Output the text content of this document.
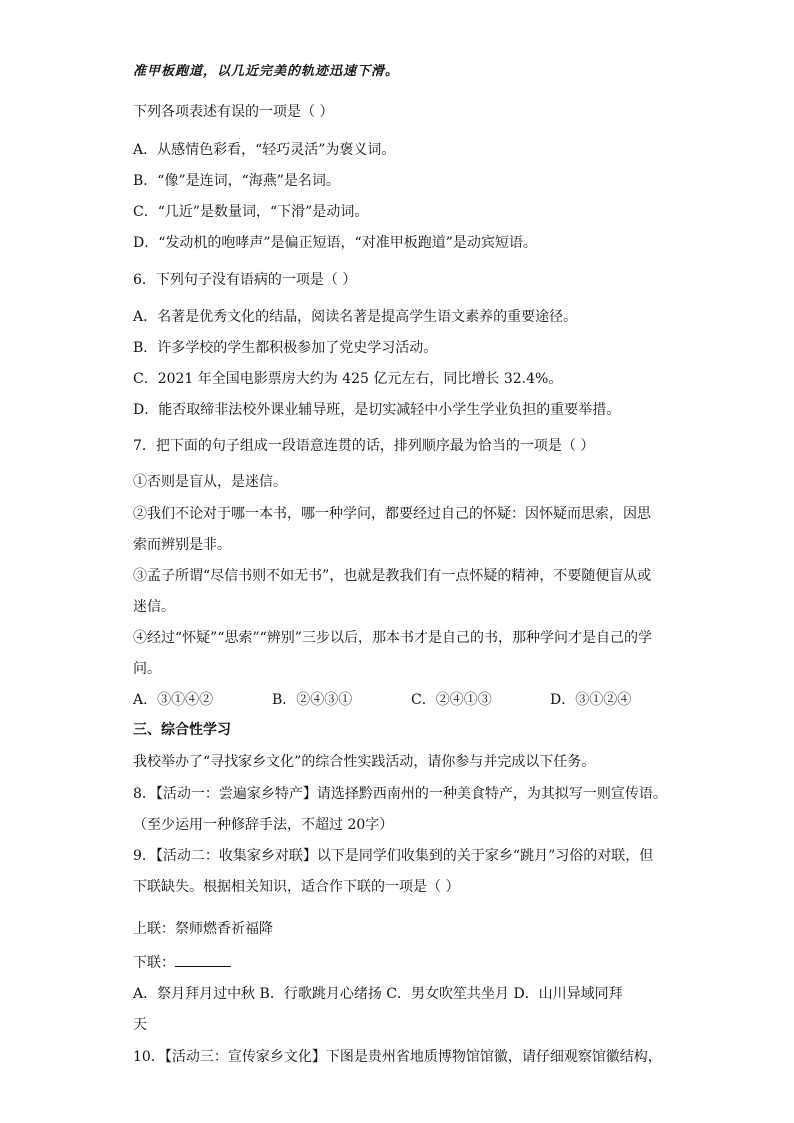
准甲板跑道，以几近完美的轨迹迅速下滑。

下列各项表述有误的一项是（ ）

A．从感情色彩看，“轻巧灵活”为褒义词。

B．“像”是连词，“海燕”是名词。

C．“几近”是数量词，“下滑”是动词。

D．“发动机的咆哮声”是偏正短语，“对准甲板跑道”是动宾短语。

6．下列句子没有语病的一项是（ ）

A．名著是优秀文化的结晶，阅读名著是提高学生语文素养的重要途径。

B．许多学校的学生都积极参加了党史学习活动。

C．2021 年全国电影票房大约为 425 亿元左右，同比增长 32.4%。

D．能否取缔非法校外课业辅导班，是切实减轻中小学生学业负担的重要举措。

7．把下面的句子组成一段语意连贯的话，排列顺序最为恰当的一项是（ ）

①否则是盲从，是迷信。

②我们不论对于哪一本书，哪一种学问，都要经过自己的怀疑：因怀疑而思索，因思

索而辨别是非。

③孟子所谓“尽信书则不如无书”，也就是教我们有一点怀疑的精神，不要随便盲从或

迷信。

④经过“怀疑”“思索”“辨别”三步以后，那本书才是自己的书，那种学问才是自己的学

问。

A．③①④②	B．②④③①	C．②④①③	D．③①②④

三、综合性学习

我校举办了“寻找家乡文化”的综合性实践活动，请你参与并完成以下任务。

8．【活动一：尝遍家乡特产】请选择黔西南州的一种美食特产，为其拟写一则宣传语。

（至少运用一种修辞手法，不超过 20字）

9．【活动二：收集家乡对联】以下是同学们收集到的关于家乡“跳月”习俗的对联，但

下联缺失。根据相关知识，适合作下联的一项是（ ）

上联：祭师燃香祈福降

下联：

A．祭月拜月过中秋 B．行歌跳月心绪扬 C．男女吹笙共坐月 D．山川异域同拜

天

10．【活动三：宣传家乡文化】下图是贵州省地质博物馆馆徽，请仔细观察馆徽结构，
